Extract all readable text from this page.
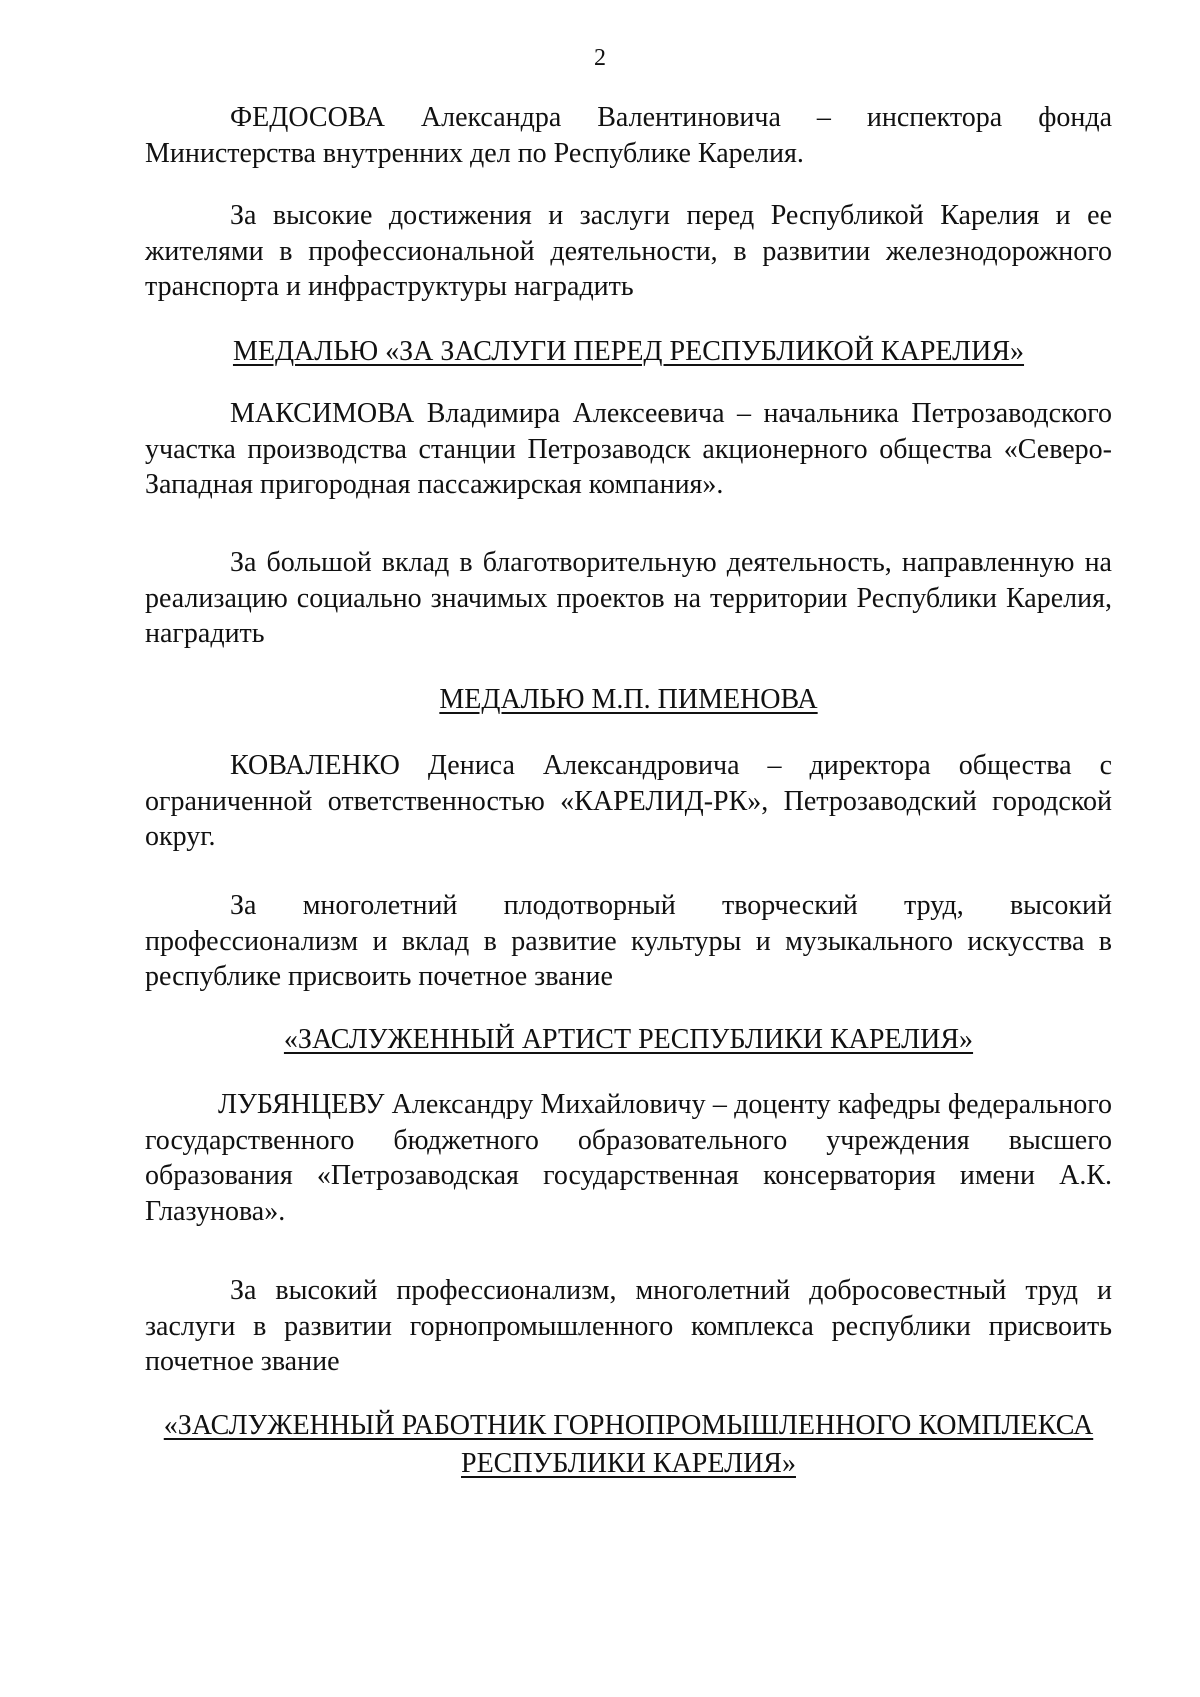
2

ФЕДОСОВА Александра Валентиновича – инспектора фонда Министерства внутренних дел по Республике Карелия.

За высокие достижения и заслуги перед Республикой Карелия и ее жителями в профессиональной деятельности, в развитии железнодорожного транспорта и инфраструктуры наградить

МЕДАЛЬЮ «ЗА ЗАСЛУГИ ПЕРЕД РЕСПУБЛИКОЙ КАРЕЛИЯ»

МАКСИМОВА Владимира Алексеевича – начальника Петрозаводского участка производства станции Петрозаводск акционерного общества «Северо-Западная пригородная пассажирская компания».

За большой вклад в благотворительную деятельность, направленную на реализацию социально значимых проектов на территории Республики Карелия, наградить

МЕДАЛЬЮ М.П. ПИМЕНОВА

КОВАЛЕНКО Дениса Александровича – директора общества с ограниченной ответственностью «КАРЕЛИД-РК», Петрозаводский городской округ.

За многолетний плодотворный творческий труд, высокий профессионализм и вклад в развитие культуры и музыкального искусства в республике присвоить почетное звание

«ЗАСЛУЖЕННЫЙ АРТИСТ РЕСПУБЛИКИ КАРЕЛИЯ»

ЛУБЯНЦЕВУ Александру Михайловичу – доценту кафедры федерального государственного бюджетного образовательного учреждения высшего образования «Петрозаводская государственная консерватория имени А.К. Глазунова».

За высокий профессионализм, многолетний добросовестный труд и заслуги в развитии горнопромышленного комплекса республики присвоить почетное звание

«ЗАСЛУЖЕННЫЙ РАБОТНИК ГОРНОПРОМЫШЛЕННОГО КОМПЛЕКСА

РЕСПУБЛИКИ КАРЕЛИЯ»
